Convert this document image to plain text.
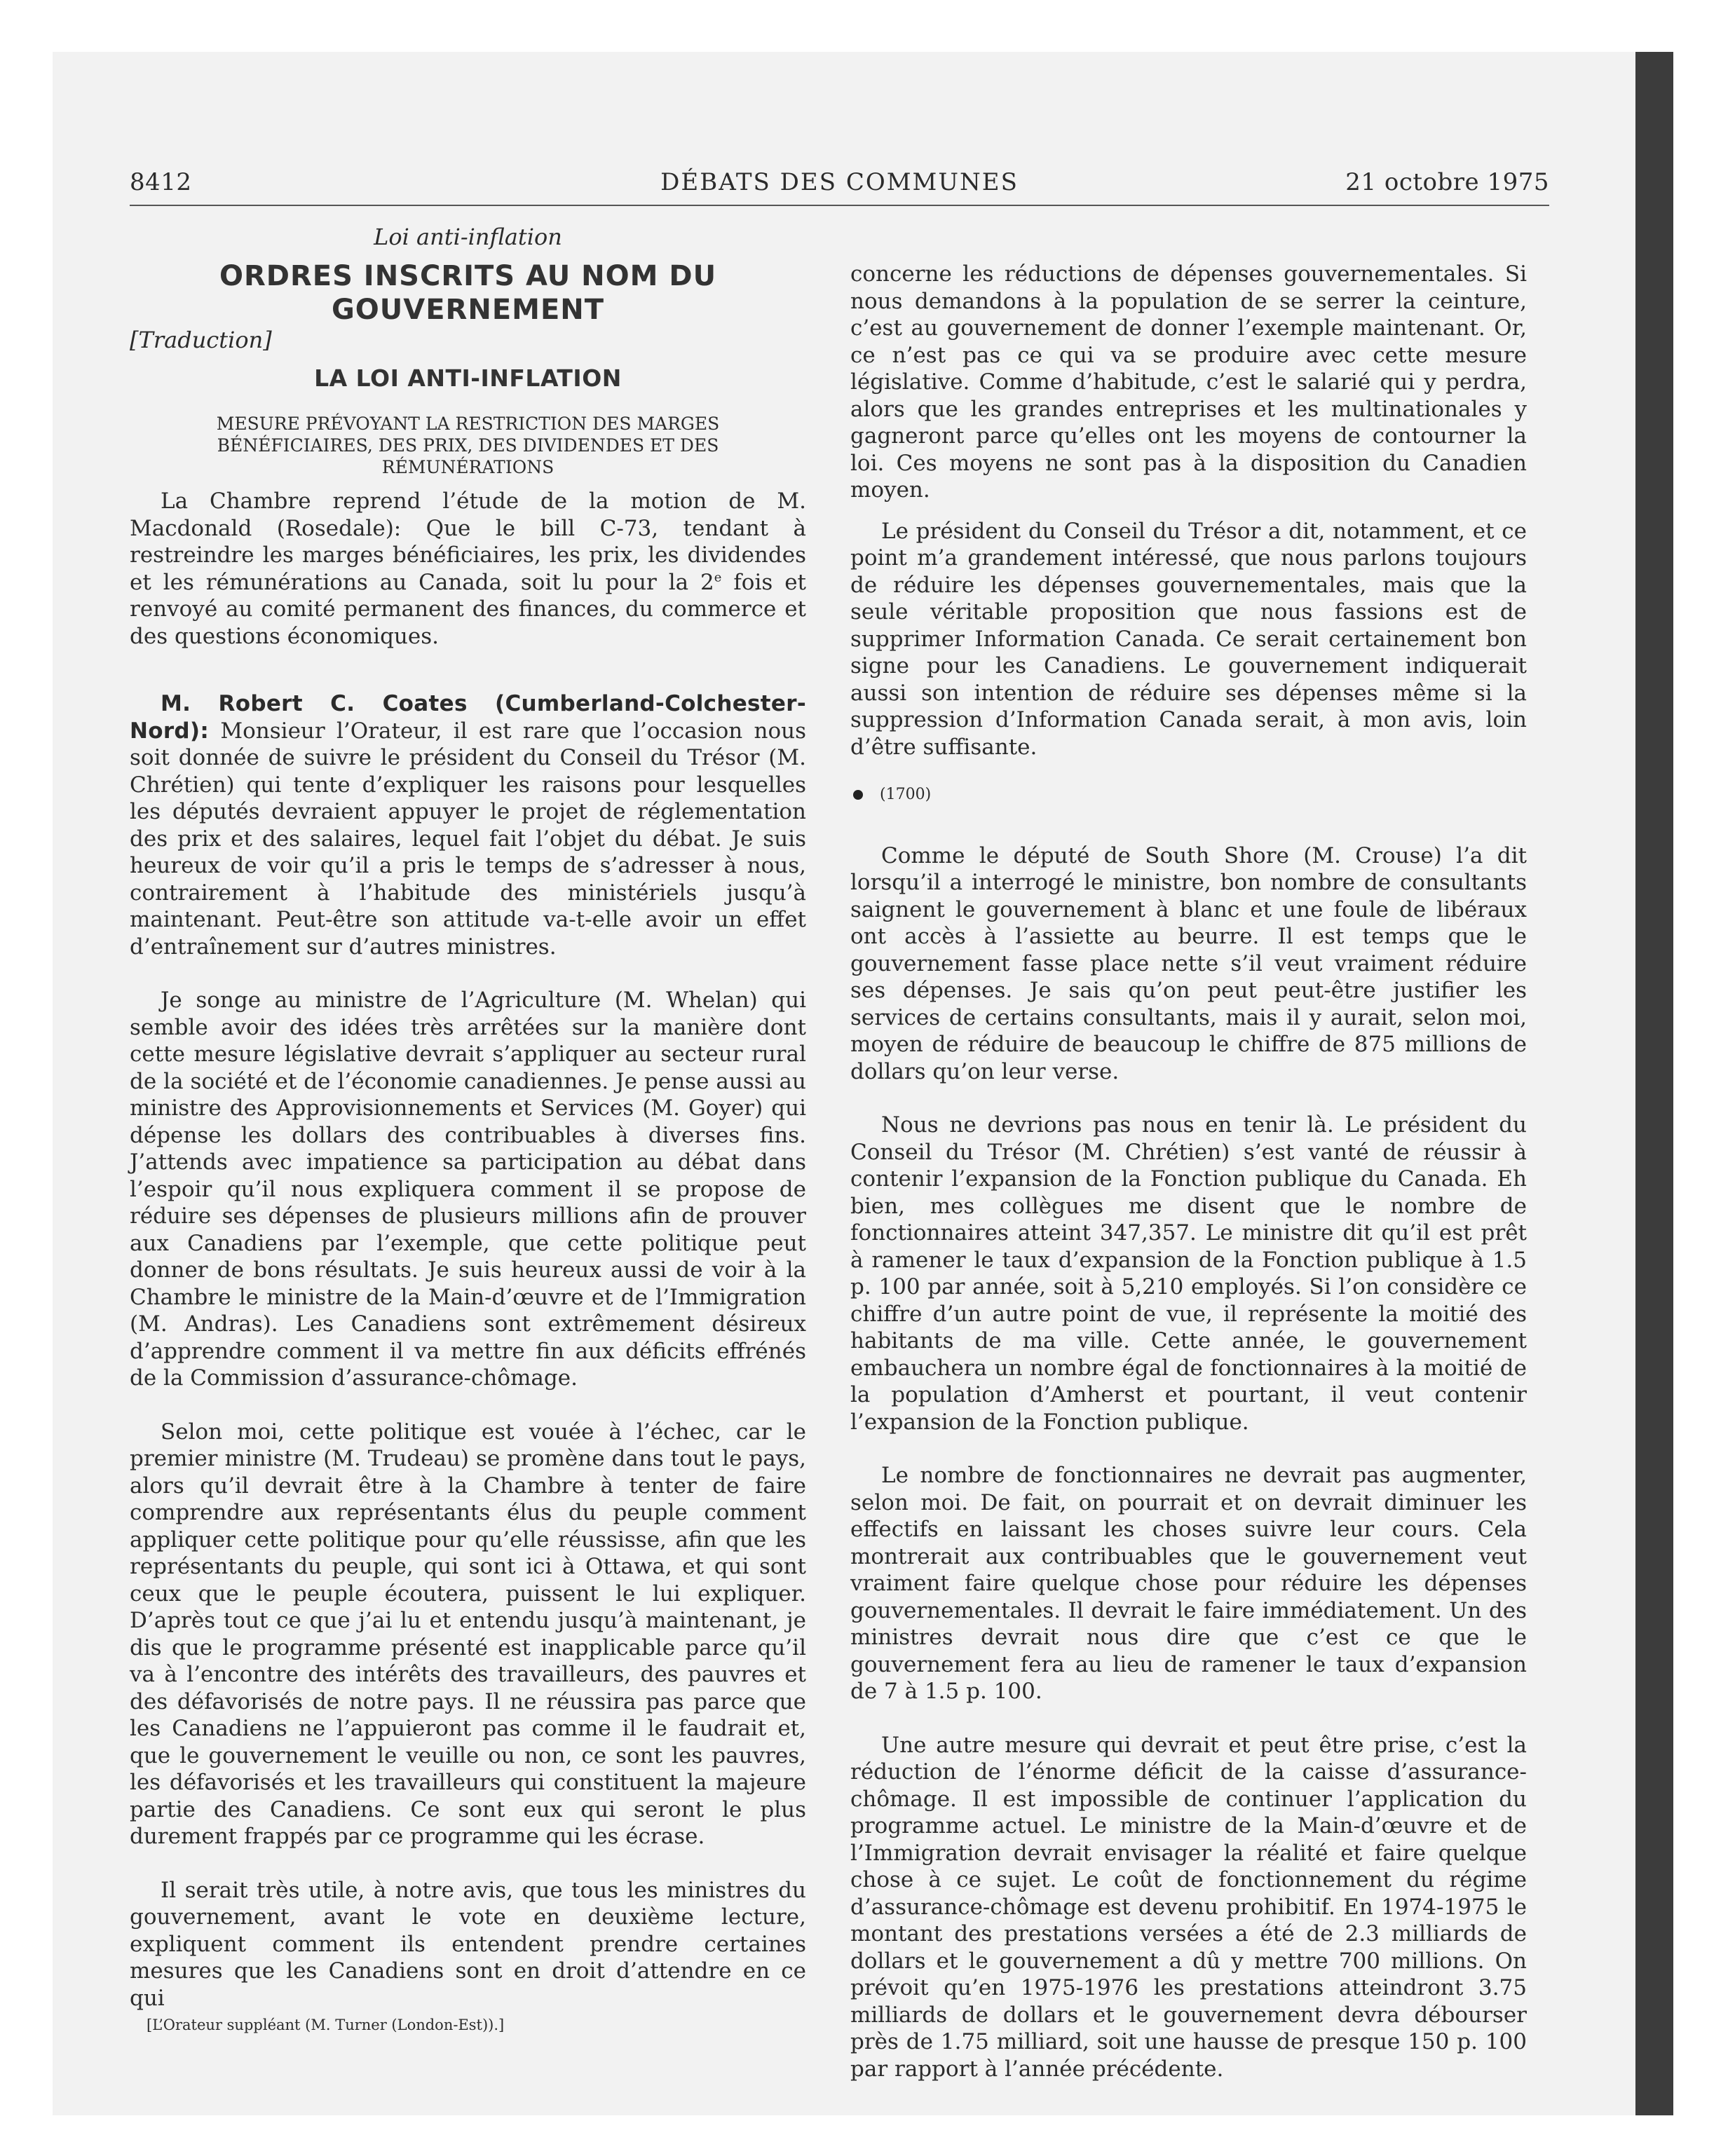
8412	DÉBATS DES COMMUNES	21 octobre 1975
Loi anti-inflation
ORDRES INSCRITS AU NOM DU
GOUVERNEMENT

[Traduction]

LA LOI ANTI-INFLATION
MESURE PRÉVOYANT LA RESTRICTION DES MARGES BÉNÉFICIAIRES, DES PRIX, DES DIVIDENDES ET DES RÉMUNÉRATIONS

La Chambre reprend l’étude de la motion de M. Macdonald (Rosedale): Que le bill C-73, tendant à restreindre les marges bénéficiaires, les prix, les dividendes et les rémunérations au Canada, soit lu pour la 2e fois et renvoyé au comité permanent des finances, du commerce et des questions économiques.

M. Robert C. Coates (Cumberland-Colchester-Nord): Monsieur l’Orateur, il est rare que l’occasion nous soit donnée de suivre le président du Conseil du Trésor (M. Chrétien) qui tente d’expliquer les raisons pour lesquelles les députés devraient appuyer le projet de réglementation des prix et des salaires, lequel fait l’objet du débat. Je suis heureux de voir qu’il a pris le temps de s’adresser à nous, contrairement à l’habitude des ministériels jusqu’à maintenant. Peut-être son attitude va-t-elle avoir un effet d’entraînement sur d’autres ministres.

Je songe au ministre de l’Agriculture (M. Whelan) qui semble avoir des idées très arrêtées sur la manière dont cette mesure législative devrait s’appliquer au secteur rural de la société et de l’économie canadiennes. Je pense aussi au ministre des Approvisionnements et Services (M. Goyer) qui dépense les dollars des contribuables à diverses fins. J’attends avec impatience sa participation au débat dans l’espoir qu’il nous expliquera comment il se propose de réduire ses dépenses de plusieurs millions afin de prouver aux Canadiens par l’exemple, que cette politique peut donner de bons résultats. Je suis heureux aussi de voir à la Chambre le ministre de la Main-d’œuvre et de l’Immigration (M. Andras). Les Canadiens sont extrêmement désireux d’apprendre comment il va mettre fin aux déficits effrénés de la Commission d’assurance-chômage.

Selon moi, cette politique est vouée à l’échec, car le premier ministre (M. Trudeau) se promène dans tout le pays, alors qu’il devrait être à la Chambre à tenter de faire comprendre aux représentants élus du peuple comment appliquer cette politique pour qu’elle réussisse, afin que les représentants du peuple, qui sont ici à Ottawa, et qui sont ceux que le peuple écoutera, puissent le lui expliquer. D’après tout ce que j’ai lu et entendu jusqu’à maintenant, je dis que le programme présenté est inapplicable parce qu’il va à l’encontre des intérêts des travailleurs, des pauvres et des défavorisés de notre pays. Il ne réussira pas parce que les Canadiens ne l’appuieront pas comme il le faudrait et, que le gouvernement le veuille ou non, ce sont les pauvres, les défavorisés et les travailleurs qui constituent la majeure partie des Canadiens. Ce sont eux qui seront le plus durement frappés par ce programme qui les écrase.

Il serait très utile, à notre avis, que tous les ministres du gouvernement, avant le vote en deuxième lecture, expliquent comment ils entendent prendre certaines mesures que les Canadiens sont en droit d’attendre en ce qui

[L’Orateur suppléant (M. Turner (London-Est)).]

concerne les réductions de dépenses gouvernementales. Si nous demandons à la population de se serrer la ceinture, c’est au gouvernement de donner l’exemple maintenant. Or, ce n’est pas ce qui va se produire avec cette mesure législative. Comme d’habitude, c’est le salarié qui y perdra, alors que les grandes entreprises et les multinationales y gagneront parce qu’elles ont les moyens de contourner la loi. Ces moyens ne sont pas à la disposition du Canadien moyen.

Le président du Conseil du Trésor a dit, notamment, et ce point m’a grandement intéressé, que nous parlons toujours de réduire les dépenses gouvernementales, mais que la seule véritable proposition que nous fassions est de supprimer Information Canada. Ce serait certainement bon signe pour les Canadiens. Le gouvernement indiquerait aussi son intention de réduire ses dépenses même si la suppression d’Information Canada serait, à mon avis, loin d’être suffisante.

(1700)

Comme le député de South Shore (M. Crouse) l’a dit lorsqu’il a interrogé le ministre, bon nombre de consultants saignent le gouvernement à blanc et une foule de libéraux ont accès à l’assiette au beurre. Il est temps que le gouvernement fasse place nette s’il veut vraiment réduire ses dépenses. Je sais qu’on peut peut-être justifier les services de certains consultants, mais il y aurait, selon moi, moyen de réduire de beaucoup le chiffre de 875 millions de dollars qu’on leur verse.

Nous ne devrions pas nous en tenir là. Le président du Conseil du Trésor (M. Chrétien) s’est vanté de réussir à contenir l’expansion de la Fonction publique du Canada. Eh bien, mes collègues me disent que le nombre de fonctionnaires atteint 347,357. Le ministre dit qu’il est prêt à ramener le taux d’expansion de la Fonction publique à 1.5 p. 100 par année, soit à 5,210 employés. Si l’on considère ce chiffre d’un autre point de vue, il représente la moitié des habitants de ma ville. Cette année, le gouvernement embauchera un nombre égal de fonctionnaires à la moitié de la population d’Amherst et pourtant, il veut contenir l’expansion de la Fonction publique.

Le nombre de fonctionnaires ne devrait pas augmenter, selon moi. De fait, on pourrait et on devrait diminuer les effectifs en laissant les choses suivre leur cours. Cela montrerait aux contribuables que le gouvernement veut vraiment faire quelque chose pour réduire les dépenses gouvernementales. Il devrait le faire immédiatement. Un des ministres devrait nous dire que c’est ce que le gouvernement fera au lieu de ramener le taux d’expansion de 7 à 1.5 p. 100.

Une autre mesure qui devrait et peut être prise, c’est la réduction de l’énorme déficit de la caisse d’assurance-chômage. Il est impossible de continuer l’application du programme actuel. Le ministre de la Main-d’œuvre et de l’Immigration devrait envisager la réalité et faire quelque chose à ce sujet. Le coût de fonctionnement du régime d’assurance-chômage est devenu prohibitif. En 1974-1975 le montant des prestations versées a été de 2.3 milliards de dollars et le gouvernement a dû y mettre 700 millions. On prévoit qu’en 1975-1976 les prestations atteindront 3.75 milliards de dollars et le gouvernement devra débourser près de 1.75 milliard, soit une hausse de presque 150 p. 100 par rapport à l’année précédente.
